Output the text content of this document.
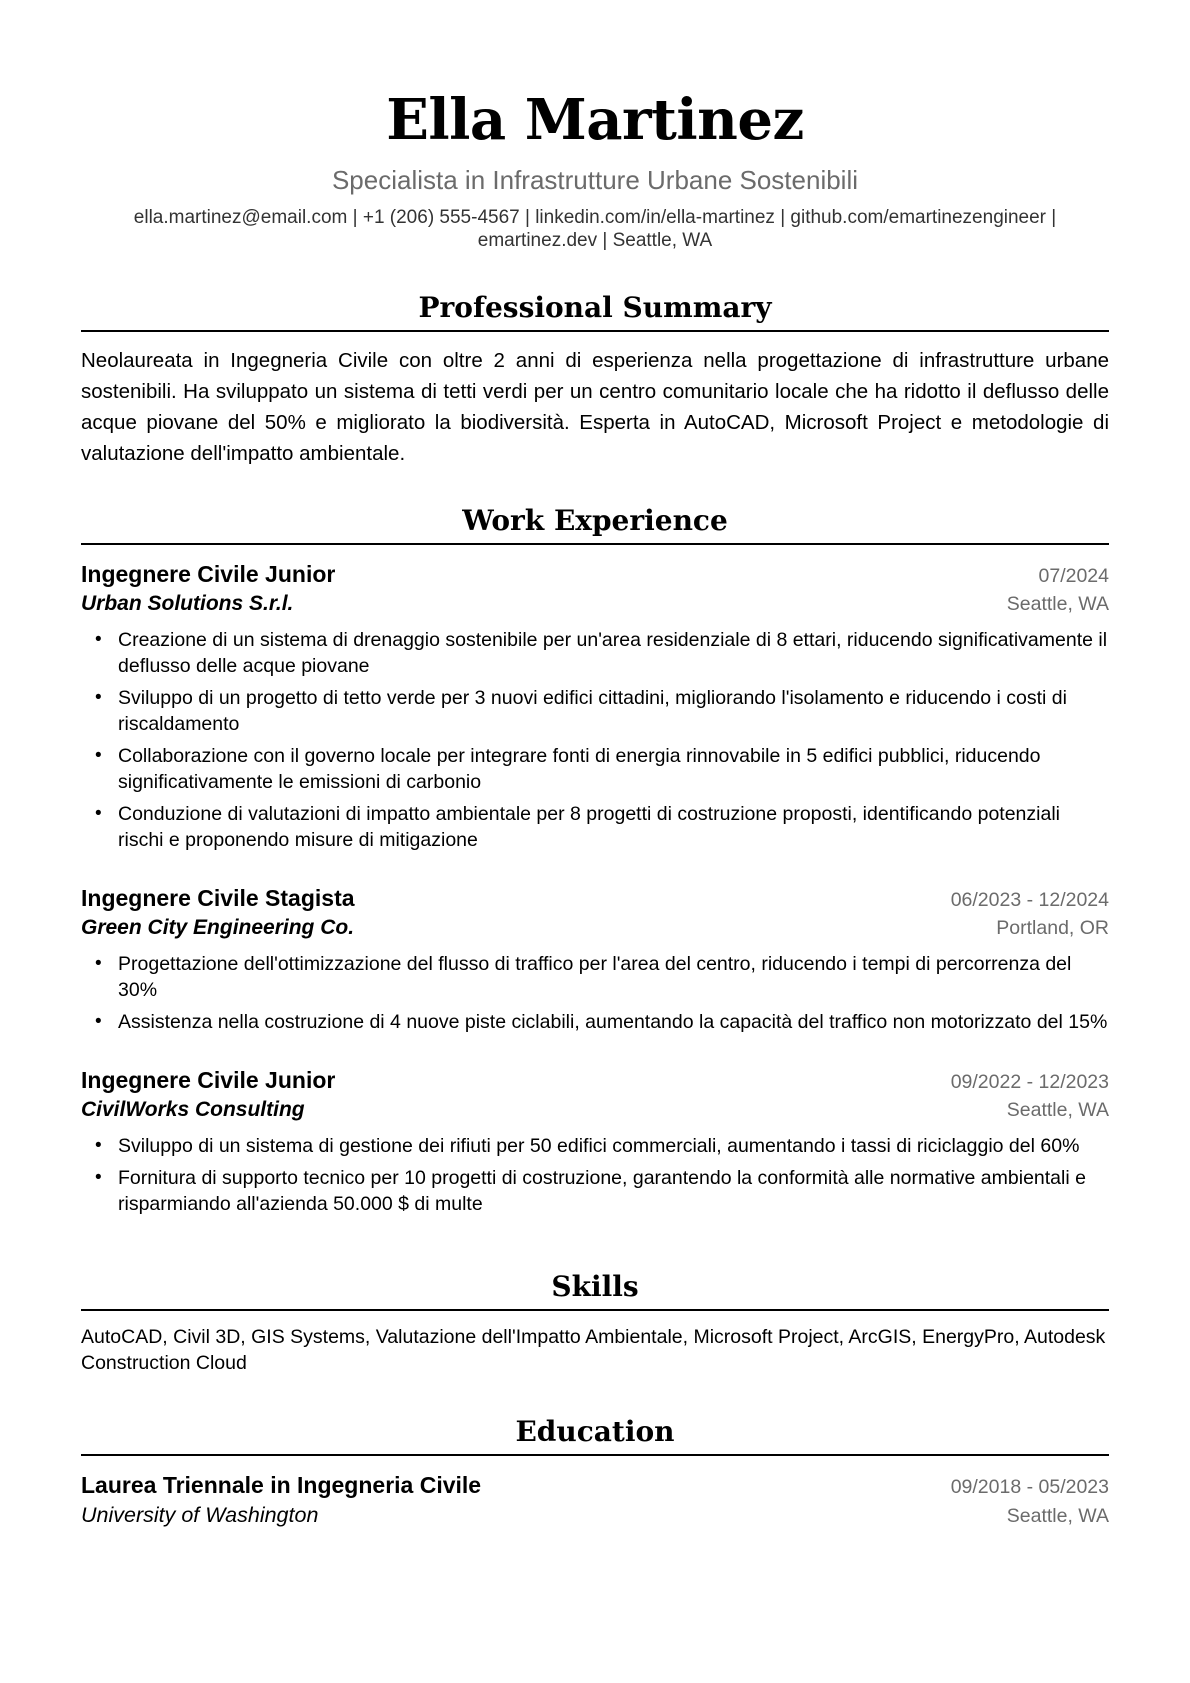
Ella Martinez
Specialista in Infrastrutture Urbane Sostenibili
ella.martinez@email.com | +1 (206) 555-4567 | linkedin.com/in/ella-martinez | github.com/emartinezengineer |
emartinez.dev | Seattle, WA
Professional Summary
Neolaureata in Ingegneria Civile con oltre 2 anni di esperienza nella progettazione di infrastrutture urbane sostenibili. Ha sviluppato un sistema di tetti verdi per un centro comunitario locale che ha ridotto il deflusso delle acque piovane del 50% e migliorato la biodiversità. Esperta in AutoCAD, Microsoft Project e metodologie di valutazione dell'impatto ambientale.
Work Experience
Ingegnere Civile Junior	07/2024
Urban Solutions S.r.l.	Seattle, WA
• Creazione di un sistema di drenaggio sostenibile per un'area residenziale di 8 ettari, riducendo significativamente il deflusso delle acque piovane
• Sviluppo di un progetto di tetto verde per 3 nuovi edifici cittadini, migliorando l'isolamento e riducendo i costi di riscaldamento
• Collaborazione con il governo locale per integrare fonti di energia rinnovabile in 5 edifici pubblici, riducendo significativamente le emissioni di carbonio
• Conduzione di valutazioni di impatto ambientale per 8 progetti di costruzione proposti, identificando potenziali rischi e proponendo misure di mitigazione
Ingegnere Civile Stagista	06/2023 - 12/2024
Green City Engineering Co.	Portland, OR
• Progettazione dell'ottimizzazione del flusso di traffico per l'area del centro, riducendo i tempi di percorrenza del 30%
• Assistenza nella costruzione di 4 nuove piste ciclabili, aumentando la capacità del traffico non motorizzato del 15%
Ingegnere Civile Junior	09/2022 - 12/2023
CivilWorks Consulting	Seattle, WA
• Sviluppo di un sistema di gestione dei rifiuti per 50 edifici commerciali, aumentando i tassi di riciclaggio del 60%
• Fornitura di supporto tecnico per 10 progetti di costruzione, garantendo la conformità alle normative ambientali e risparmiando all'azienda 50.000 $ di multe
Skills
AutoCAD, Civil 3D, GIS Systems, Valutazione dell'Impatto Ambientale, Microsoft Project, ArcGIS, EnergyPro, Autodesk Construction Cloud
Education
Laurea Triennale in Ingegneria Civile	09/2018 - 05/2023
University of Washington	Seattle, WA
